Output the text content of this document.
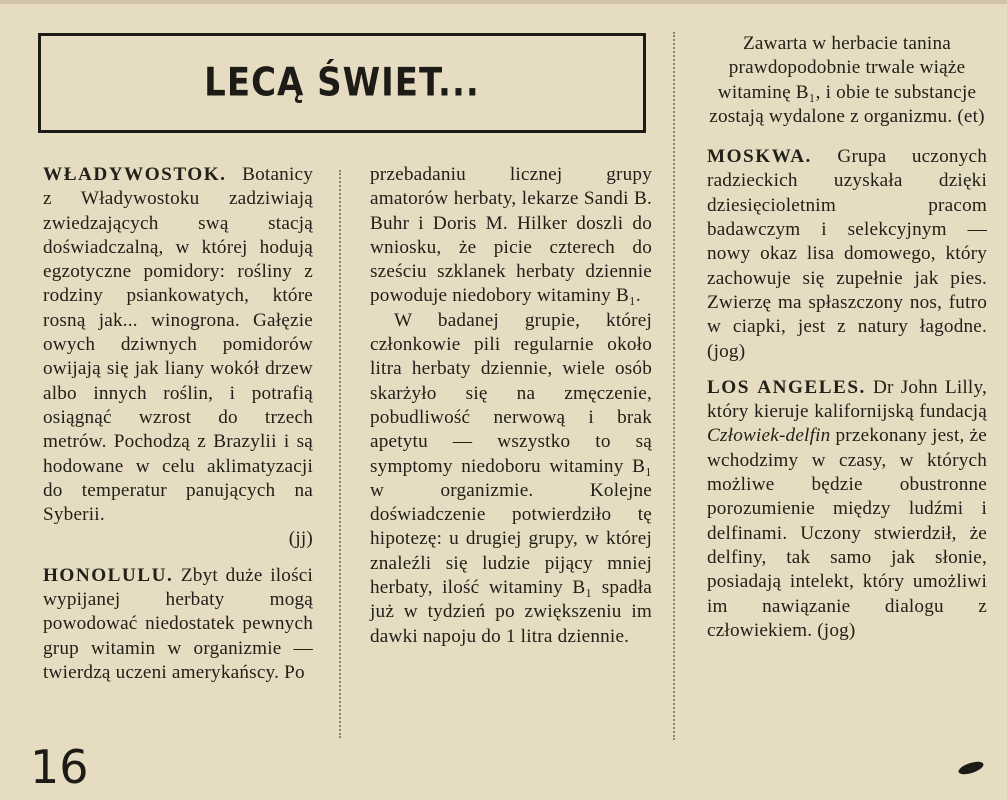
LECĄ ŚWIET...

WŁADYWOSTOK. Botanicy z Władywostoku zadziwiają zwiedzających swą stacją doświadczalną, w której hodują egzotyczne pomidory: rośliny z rodziny psiankowatych, które rosną jak... winogrona. Gałęzie owych dziwnych pomidorów owijają się jak liany wokół drzew albo innych roślin, i potrafią osiągnąć wzrost do trzech metrów. Pochodzą z Brazylii i są hodowane w celu aklimatyzacji do temperatur panujących na Syberii.

(jj)

HONOLULU. Zbyt duże ilości wypijanej herbaty mogą powodować niedostatek pewnych grup witamin w organizmie — twierdzą uczeni amerykańscy. Po

przebadaniu licznej grupy amatorów herbaty, lekarze Sandi B. Buhr i Doris M. Hilker doszli do wniosku, że picie czterech do sześciu szklanek herbaty dziennie powoduje niedobory witaminy B₁.

W badanej grupie, której członkowie pili regularnie około litra herbaty dziennie, wiele osób skarżyło się na zmęczenie, pobudliwość nerwową i brak apetytu — wszystko to są symptomy niedoboru witaminy B₁ w organizmie. Kolejne doświadczenie potwierdziło tę hipotezę: u drugiej grupy, w której znaleźli się ludzie pijący mniej herbaty, ilość witaminy B₁ spadła już w tydzień po zwiększeniu im dawki napoju do 1 litra dziennie.

Zawarta w herbacie tanina prawdopodobnie trwale wiąże witaminę B₁, i obie te substancje zostają wydalone z organizmu. (et)

MOSKWA. Grupa uczonych radzieckich uzyskała dzięki dziesięcioletnim pracom badawczym i selekcyjnym — nowy okaz lisa domowego, który zachowuje się zupełnie jak pies. Zwierzę ma spłaszczony nos, futro w ciapki, jest z natury łagodne. (jog)

LOS ANGELES. Dr John Lilly, który kieruje kalifornijską fundacją Człowiek-delfin przekonany jest, że wchodzimy w czasy, w których możliwe będzie obustronne porozumienie między ludźmi i delfinami. Uczony stwierdził, że delfiny, tak samo jak słonie, posiadają intelekt, który umożliwi im nawiązanie dialogu z człowiekiem. (jog)

16
